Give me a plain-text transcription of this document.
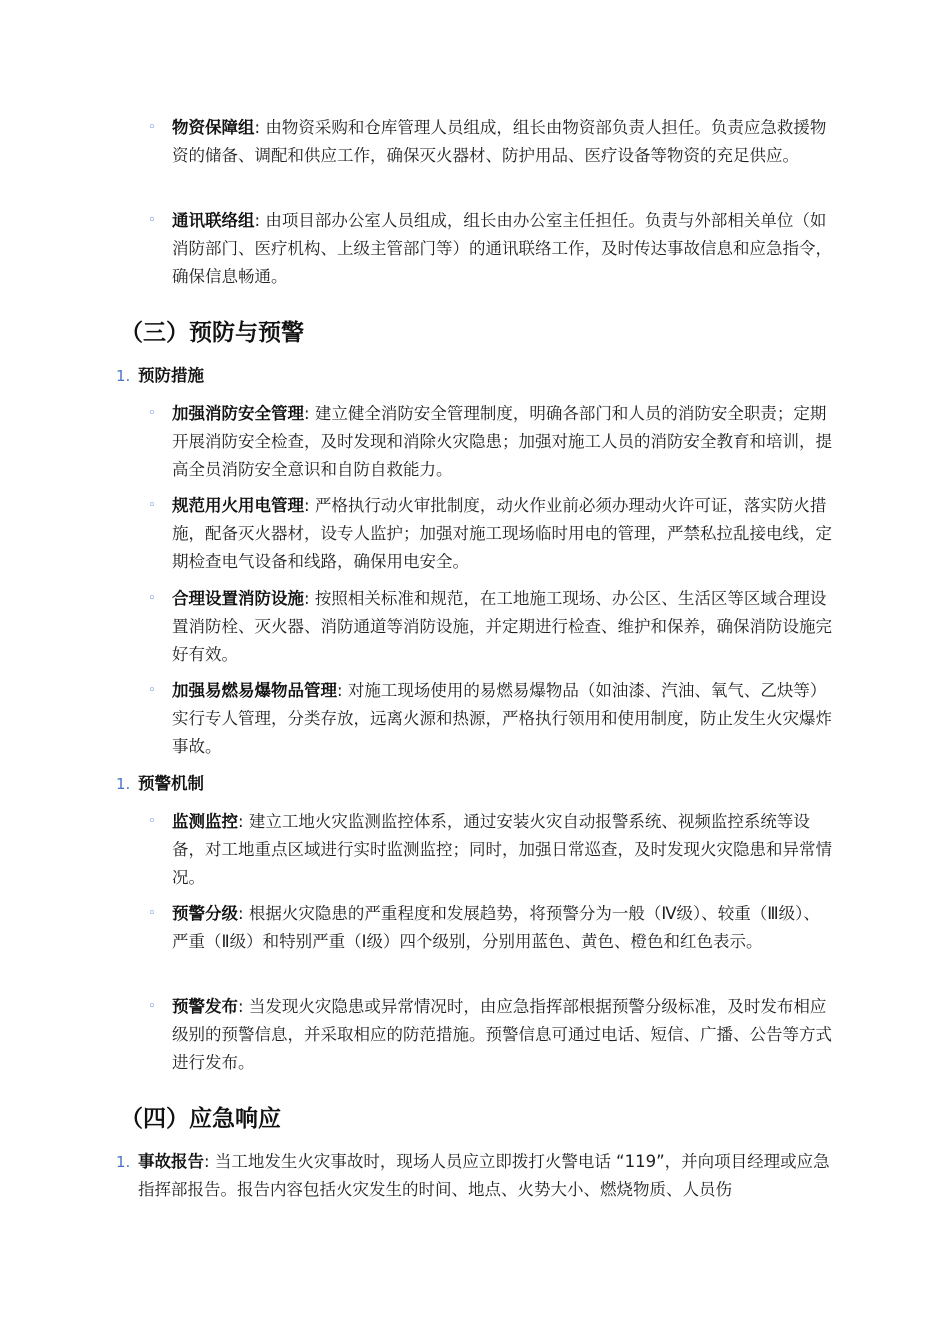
◦ 物资保障组: 由物资采购和仓库管理人员组成，组长由物资部负责人担任。负责应急救援物资的储备、调配和供应工作，确保灭火器材、防护用品、医疗设备等物资的充足供应。
◦ 通讯联络组: 由项目部办公室人员组成，组长由办公室主任担任。负责与外部相关单位（如消防部门、医疗机构、上级主管部门等）的通讯联络工作，及时传达事故信息和应急指令，确保信息畅通。
（三）预防与预警
1. 预防措施
◦ 加强消防安全管理: 建立健全消防安全管理制度，明确各部门和人员的消防安全职责；定期开展消防安全检查，及时发现和消除火灾隐患；加强对施工人员的消防安全教育和培训，提高全员消防安全意识和自防自救能力。
◦ 规范用火用电管理: 严格执行动火审批制度，动火作业前必须办理动火许可证，落实防火措施，配备灭火器材，设专人监护；加强对施工现场临时用电的管理，严禁私拉乱接电线，定期检查电气设备和线路，确保用电安全。
◦ 合理设置消防设施: 按照相关标准和规范，在工地施工现场、办公区、生活区等区域合理设置消防栓、灭火器、消防通道等消防设施，并定期进行检查、维护和保养，确保消防设施完好有效。
◦ 加强易燃易爆物品管理: 对施工现场使用的易燃易爆物品（如油漆、汽油、氧气、乙炔等）实行专人管理，分类存放，远离火源和热源，严格执行领用和使用制度，防止发生火灾爆炸事故。
1. 预警机制
◦ 监测监控: 建立工地火灾监测监控体系，通过安装火灾自动报警系统、视频监控系统等设备，对工地重点区域进行实时监测监控；同时，加强日常巡查，及时发现火灾隐患和异常情况。
◦ 预警分级: 根据火灾隐患的严重程度和发展趋势，将预警分为一般（Ⅳ级）、较重（Ⅲ级）、严重（Ⅱ级）和特别严重（Ⅰ级）四个级别，分别用蓝色、黄色、橙色和红色表示。
◦ 预警发布: 当发现火灾隐患或异常情况时，由应急指挥部根据预警分级标准，及时发布相应级别的预警信息，并采取相应的防范措施。预警信息可通过电话、短信、广播、公告等方式进行发布。
（四）应急响应
1. 事故报告: 当工地发生火灾事故时，现场人员应立即拨打火警电话 “119”，并向项目经理或应急指挥部报告。报告内容包括火灾发生的时间、地点、火势大小、燃烧物质、人员伤
